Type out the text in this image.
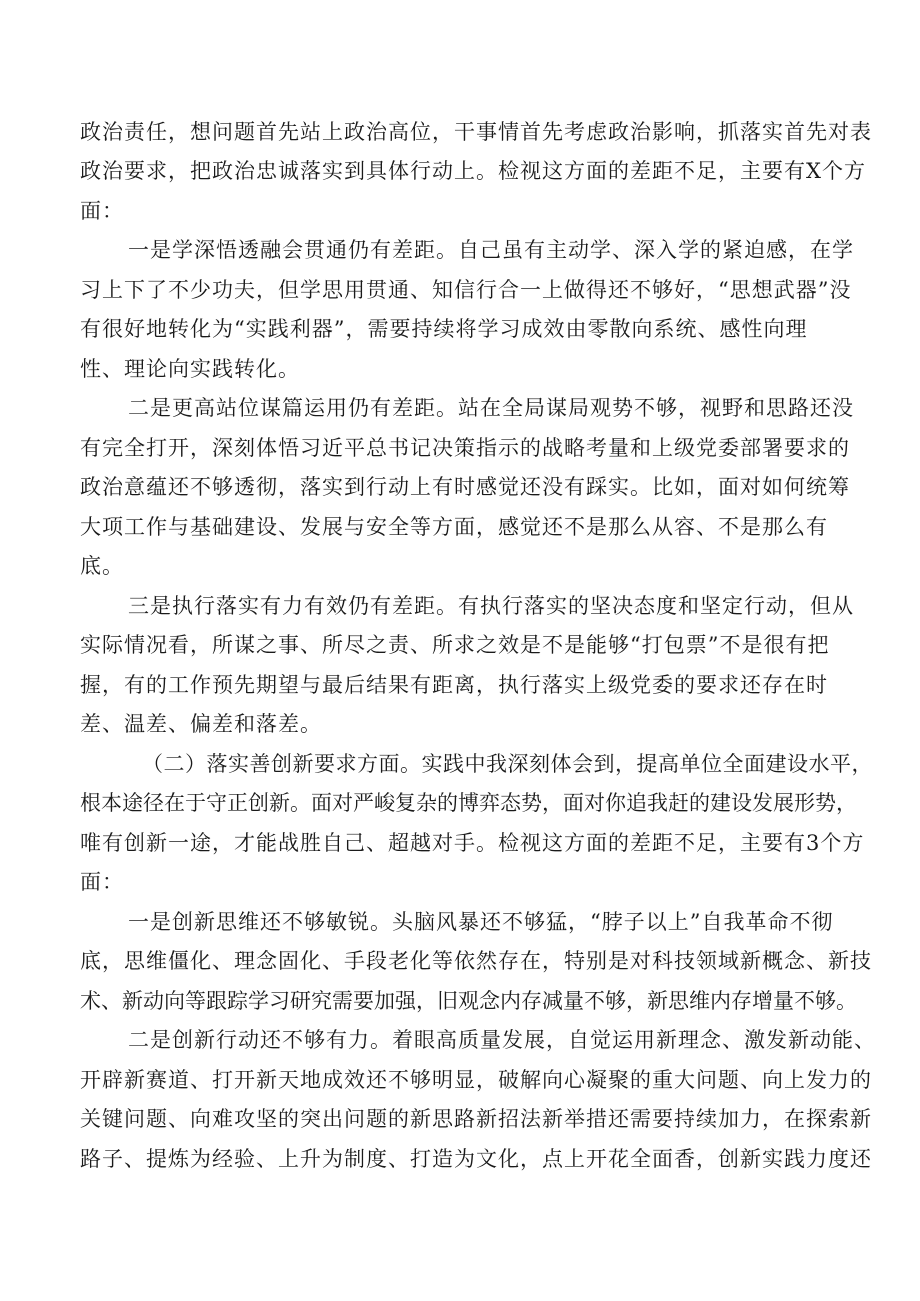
政治责任，想问题首先站上政治高位，干事情首先考虑政治影响，抓落实首先对表
政治要求，把政治忠诚落实到具体行动上。检视这方面的差距不足，主要有X个方
面：
一是学深悟透融会贯通仍有差距。自己虽有主动学、深入学的紧迫感，在学
习上下了不少功夫，但学思用贯通、知信行合一上做得还不够好，“思想武器”没
有很好地转化为“实践利器”，需要持续将学习成效由零散向系统、感性向理
性、理论向实践转化。
二是更高站位谋篇运用仍有差距。站在全局谋局观势不够，视野和思路还没
有完全打开，深刻体悟习近平总书记决策指示的战略考量和上级党委部署要求的
政治意蕴还不够透彻，落实到行动上有时感觉还没有踩实。比如，面对如何统筹
大项工作与基础建设、发展与安全等方面，感觉还不是那么从容、不是那么有
底。
三是执行落实有力有效仍有差距。有执行落实的坚决态度和坚定行动，但从
实际情况看，所谋之事、所尽之责、所求之效是不是能够“打包票”不是很有把
握，有的工作预先期望与最后结果有距离，执行落实上级党委的要求还存在时
差、温差、偏差和落差。
（二）落实善创新要求方面。实践中我深刻体会到，提高单位全面建设水平，
根本途径在于守正创新。面对严峻复杂的博弈态势，面对你追我赶的建设发展形势，
唯有创新一途，才能战胜自己、超越对手。检视这方面的差距不足，主要有3个方
面：
一是创新思维还不够敏锐。头脑风暴还不够猛，“脖子以上”自我革命不彻
底，思维僵化、理念固化、手段老化等依然存在，特别是对科技领域新概念、新技
术、新动向等跟踪学习研究需要加强，旧观念内存减量不够，新思维内存增量不够。
二是创新行动还不够有力。着眼高质量发展，自觉运用新理念、激发新动能、
开辟新赛道、打开新天地成效还不够明显，破解向心凝聚的重大问题、向上发力的
关键问题、向难攻坚的突出问题的新思路新招法新举措还需要持续加力，在探索新
路子、提炼为经验、上升为制度、打造为文化，点上开花全面香，创新实践力度还
